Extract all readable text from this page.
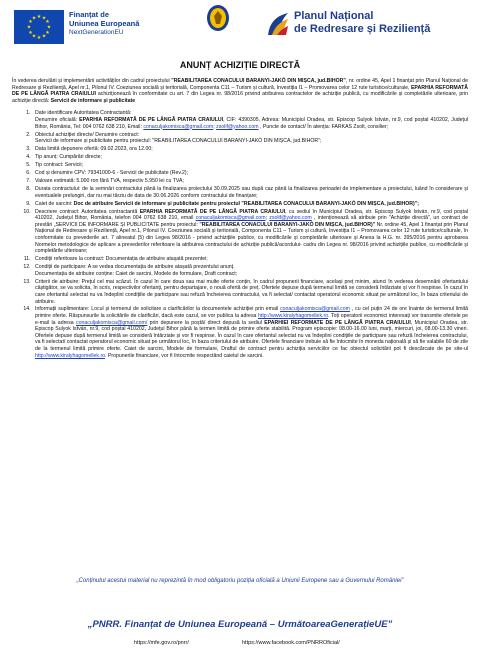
★ ★
★
★
★
★
★
★
★
★
★
★	Finanțat de
Uniunea Europeană
NextGenerationEU
Planul Național
de Redresare și Reziliență
ANUNȚ ACHIZIȚIE DIRECTĂ

În vederea derulării și implementării activităților din cadrul proiectului "REABILITAREA CONACULUI BARANYI-JAKÓ DIN MIȘCA, jud.BIHOR", nr. ordine 45, Apel 1 finanțat prin Planul Național de Redresare și Reziliență, Apel nr.1, Pilonul IV. Coeziunea socială și teritorială, Componenta C11 – Turism și cultură, Investiția I1 – Promovarea celor 12 rute turistice/culturale, EPARHIA REFORMATĂ DE PE LÂNGĂ PIATRA CRAIULUI achiziționează în conformitate cu art. 7 din Legea nr. 98/2016 privind atribuirea contractelor de achiziție publică, cu modificările și completările ulterioare, prin achiziție directă: Servicii de informare și publicitate

1. Date identificare Autoritatea Contractantă:
Denumire oficială: EPARHIA REFORMATĂ DE PE LÂNGĂ PIATRA CRAIULUI, CIF: 4390305, Adresa: Municipiul Oradea, str. Episcop Sulyok István, nr.9, cod poștal 410202, Județul Bihor, România, Tel: 004 0762 638 210, Email: conaculjakomisca@gmail.com; zsolif@yahoo.com , Puncte de contact/ În atenția: FARKAS Zsolt, consilier;
2. Obiectul achiziției directe/ Denumire contract:
Servicii de informare și publicitate pentru proiectul: "REABILITAREA CONACULUI BARANYI-JAKÓ DIN MIȘCA, jud.BIHOR";
3. Data limită depunere ofertă: 09.02.2023, ora 12.00;
4. Tip anunț: Cumpărări directe;
5. Tip contract: Servicii;
6. Cod și denumire CPV: 79341000-6 - Servicii de publicitate (Rev.2);
7. Valoare estimată: 5.000 ron fără TVA, respectiv 5.950 lei cu TVA;
8. Durata contractului: de la semnări contractului până la finalizarea proiectului 30.09.2025 sau după caz până la finalizarea perioadei de implementare a proiectului, luând în considerare și eventualele prelungiri, dar nu mai târziu de data de 30.06.2026 conform contractului de finanțare;
9. Caiet de sarcini: Doc de atribuire Servicii de informare și publicitate pentru proiectul "REABILITAREA CONACULUI BARANYI-JAKÓ DIN MIȘCA, jud.BIHOR)";
10. Descriere contract: Autoritatea contractantă EPARHIA REFORMATĂ DE PE LÂNGĂ PIATRA CRAIULUI, cu sediul în Municipiul Oradea, str. Episcop Sulyok István, nr.9, cod poștal 410202, Județul Bihor, România, telefon 004 0762 638 210, email conaculjakomisca@gmail.com; zsolif@yahoo.com , intenționează să atribuie prin "Achiziție directă", un contract de prestări „SERVICII DE INFORMARE ȘI PUBLICITATE pentru proiectul: "REABILITAREA CONACULUI BARANYI-JAKÓ DIN MIȘCA, jud.BIHOR)" Nr. ordine 45, Apel 1 finanțat prin Planul Național de Redresare și Reziliență, Apel nr.1, Pilonul IV. Coeziunea socială și teritorială, Componenta C11 – Turism și cultură, Investiția I1 – Promovarea celor 12 rute turistice/culturale, în conformitate cu prevederile art. 7 alineatul (5) din Legea 98/2016 - privind achizițiile publice, cu modificările și completările ulterioare și Anexa la H.G. nr. 395/2016 pentru aprobarea Normelor metodologice de aplicare a prevederilor referitoare la atribuirea contractului de achiziție publică/acordului- cadru din Legea nr. 98/2016 privind achizițiile publice, cu modificările și completările ulterioare;
11. Condiții referitoare la contract: Documentația de atribuire atașată prezentei;
12. Condiții de participare: A se vedea documentația de atribuire atașată prezentului anunț.
Documentația de atribuire conține: Caiet de sarcini, Modele de formulare, Draft contract;
13. Criterii de atribuire: Prețul cel mai scăzut. În cazul în care doua sau mai multe oferte conțin, în cadrul propunerii financiare, același preț minim, atunci în vederea desemnării ofertantului câștigător, se va solicita, în scris, respectivilor ofertanți, pentru departajare, o nouă ofertă de preț. Ofertele depuse după termenul limită se consideră întârziate și vor fi respinse. În cazul în care ofertantul selectat nu va îndeplini condițiile de participare sau refuză încheierea contractului, va fi selectat/ contactat operatorul economic situat pe următorul loc, în baza criteriului de atribuire.
14. Informații suplimentare: Locul și termenul de solicitare a clarificărilor la documentele achiziției prin email conaculjakomisca@gmail.com , cu cel puțin 24 de ore înainte de termenul limită primire oferte. Răspunsurile la solicitările de clarificări, dacă este cazul, se vor publica la adresa http://www.kiralyhagomellek.ro. Toți operatorii economici interesați vor transmite ofertele pe e-mail la adresa conaculjakomisca@gmail.com/ prin depunere la poștă/ direct depusă la sediul EPARHIEI REFORMATE DE PE LÂNGĂ PIATRA CRAIULUI, Municipiul Oradea, str. Episcop Sulyok István, nr.9, cod poștal 410202, Județul Bihor până la termen limită de primire oferte stabilită. Program episcopie: 08.00-16.00 luni, marți, miercuri, joi, 08.00-13.30 vineri. Ofertele depuse după termenul limită se consideră întârziate și vor fi respinse. În cazul în care ofertantul selectat nu va îndeplini condițiile de participare sau refuză încheierea contractului, va fi selectat/ contactat operatorul economic situat pe următorul loc, în baza criteriului de atribuire. Ofertele financiare trebuie să fie întocmite în moneda națională și să fie valabile 60 de zile de la termenul limită primire oferte. Caiet de sarcini, Modele de formulare, Draftul de contract pentru achiziția serviciilor ce fac obiectul solicitării pot fi descărcate de pe site-ul http://www.kiralyhagomellek.ro. Propunerile financiare, vor fi întocmite respectând caietul de sarcini.
„Conținutul acestui material nu reprezintă în mod obligatoriu poziția oficială a Uniunii Europene sau a Guvernului României”
„PNRR. Finanțat de Uniunea Europeană – UrmătoareaGenerațieUE”
https://mfe.gov.ro/pnrr/	https://www.facebook.com/PNRROficial/
